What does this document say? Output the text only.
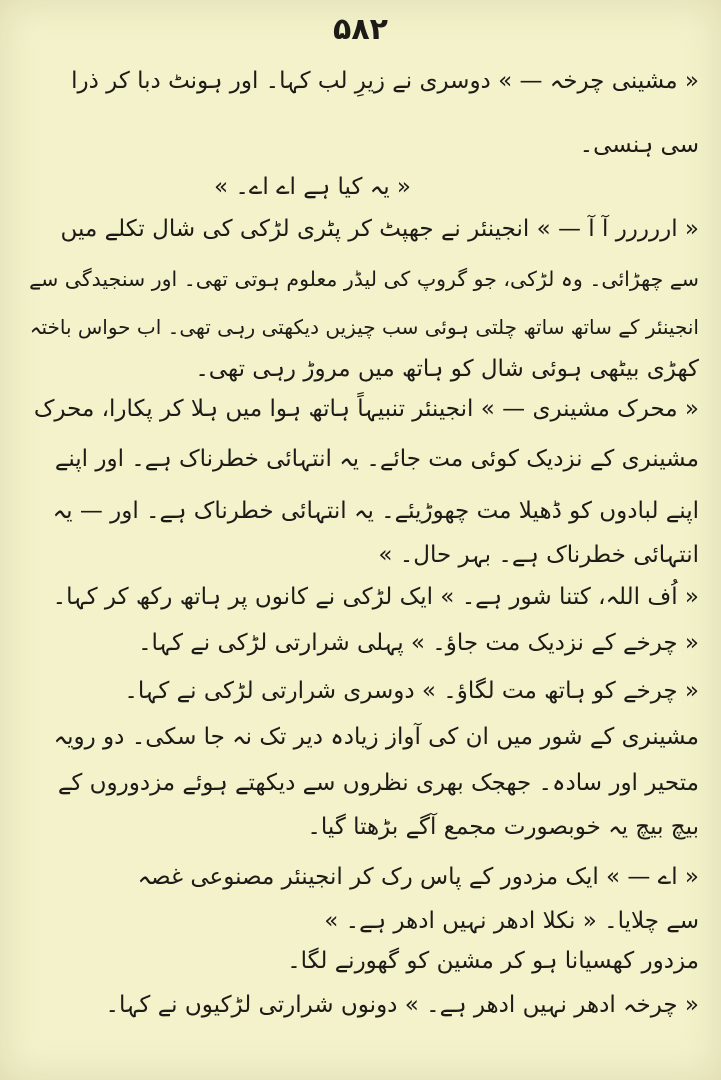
۵۸۲
« مشینی چرخہ — » دوسری نے زیرِ لب کہا۔ اور ہونٹ دبا کر ذرا
سی ہنسی۔
« یہ کیا ہے اے اے۔ »
« اررررر آ آ — » انجینئر نے جھپٹ کر پٹری لڑکی کی شال تکلے میں
سے چھڑائی۔ وہ لڑکی، جو گروپ کی لیڈر معلوم ہوتی تھی۔ اور سنجیدگی سے
انجینئر کے ساتھ ساتھ چلتی ہوئی سب چیزیں دیکھتی رہی تھی۔ اب حواس باختہ
کھڑی بیٹھی ہوئی شال کو ہاتھ میں مروڑ رہی تھی۔
« محرک مشینری — » انجینئر تنبیہاً ہاتھ ہوا میں ہلا کر پکارا، محرک
مشینری کے نزدیک کوئی مت جائے۔ یہ انتہائی خطرناک ہے۔ اور اپنے
اپنے لبادوں کو ڈھیلا مت چھوڑیئے۔ یہ انتہائی خطرناک ہے۔ اور — یہ
انتہائی خطرناک ہے۔ بہر حال۔ »
« اُف اللہ، کتنا شور ہے۔ » ایک لڑکی نے کانوں پر ہاتھ رکھ کر کہا۔
« چرخے کے نزدیک مت جاؤ۔ » پہلی شرارتی لڑکی نے کہا۔
« چرخے کو ہاتھ مت لگاؤ۔ » دوسری شرارتی لڑکی نے کہا۔
مشینری کے شور میں ان کی آواز زیادہ دیر تک نہ جا سکی۔ دو رویہ
متحیر اور سادہ۔ جھجک بھری نظروں سے دیکھتے ہوئے مزدوروں کے
بیچ بیچ یہ خوبصورت مجمع آگے بڑھتا گیا۔
« اے — » ایک مزدور کے پاس رک کر انجینئر مصنوعی غصہ
سے چلایا۔ « نکلا ادھر نہیں ادھر ہے۔ »
مزدور کھسیانا ہو کر مشین کو گھورنے لگا۔
« چرخہ ادھر نہیں ادھر ہے۔ » دونوں شرارتی لڑکیوں نے کہا۔
